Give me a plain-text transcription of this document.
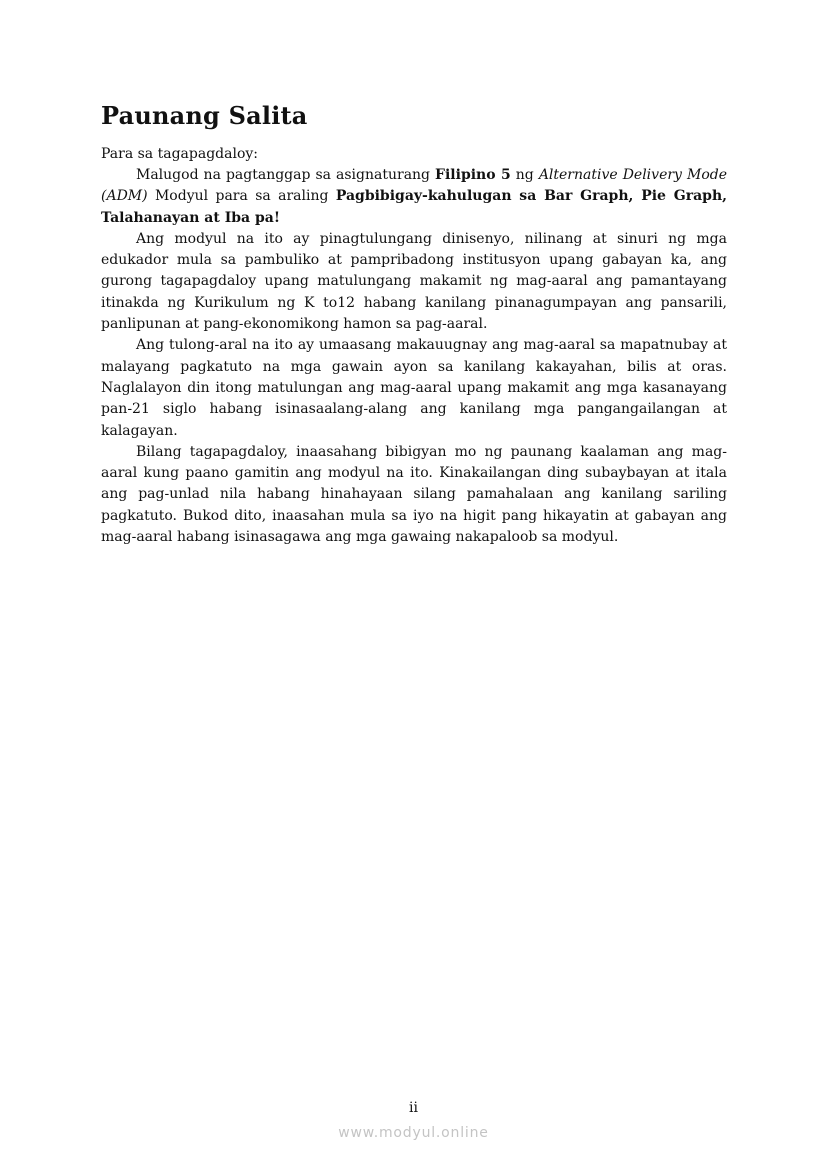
Paunang Salita
Para sa tagapagdaloy:

Malugod na pagtanggap sa asignaturang Filipino 5 ng Alternative Delivery Mode (ADM) Modyul para sa araling Pagbibigay-kahulugan sa Bar Graph, Pie Graph, Talahanayan at Iba pa!

Ang modyul na ito ay pinagtulungang dinisenyo, nilinang at sinuri ng mga edukador mula sa pambuliko at pampribadong institusyon upang gabayan ka, ang gurong tagapagdaloy upang matulungang makamit ng mag-aaral ang pamantayang itinakda ng Kurikulum ng K to12 habang kanilang pinanagumpayan ang pansarili, panlipunan at pang-ekonomikong hamon sa pag-aaral.

Ang tulong-aral na ito ay umaasang makauugnay ang mag-aaral sa mapatnubay at malayang pagkatuto na mga gawain ayon sa kanilang kakayahan, bilis at oras. Naglalayon din itong matulungan ang mag-aaral upang makamit ang mga kasanayang pan-21 siglo habang isinasaalang-alang ang kanilang mga pangangailangan at kalagayan.

Bilang tagapagdaloy, inaasahang bibigyan mo ng paunang kaalaman ang mag-aaral kung paano gamitin ang modyul na ito. Kinakailangan ding subaybayan at itala ang pag-unlad nila habang hinahayaan silang pamahalaan ang kanilang sariling pagkatuto. Bukod dito, inaasahan mula sa iyo na higit pang hikayatin at gabayan ang mag-aaral habang isinasagawa ang mga gawaing nakapaloob sa modyul.

ii
www.modyul.online
